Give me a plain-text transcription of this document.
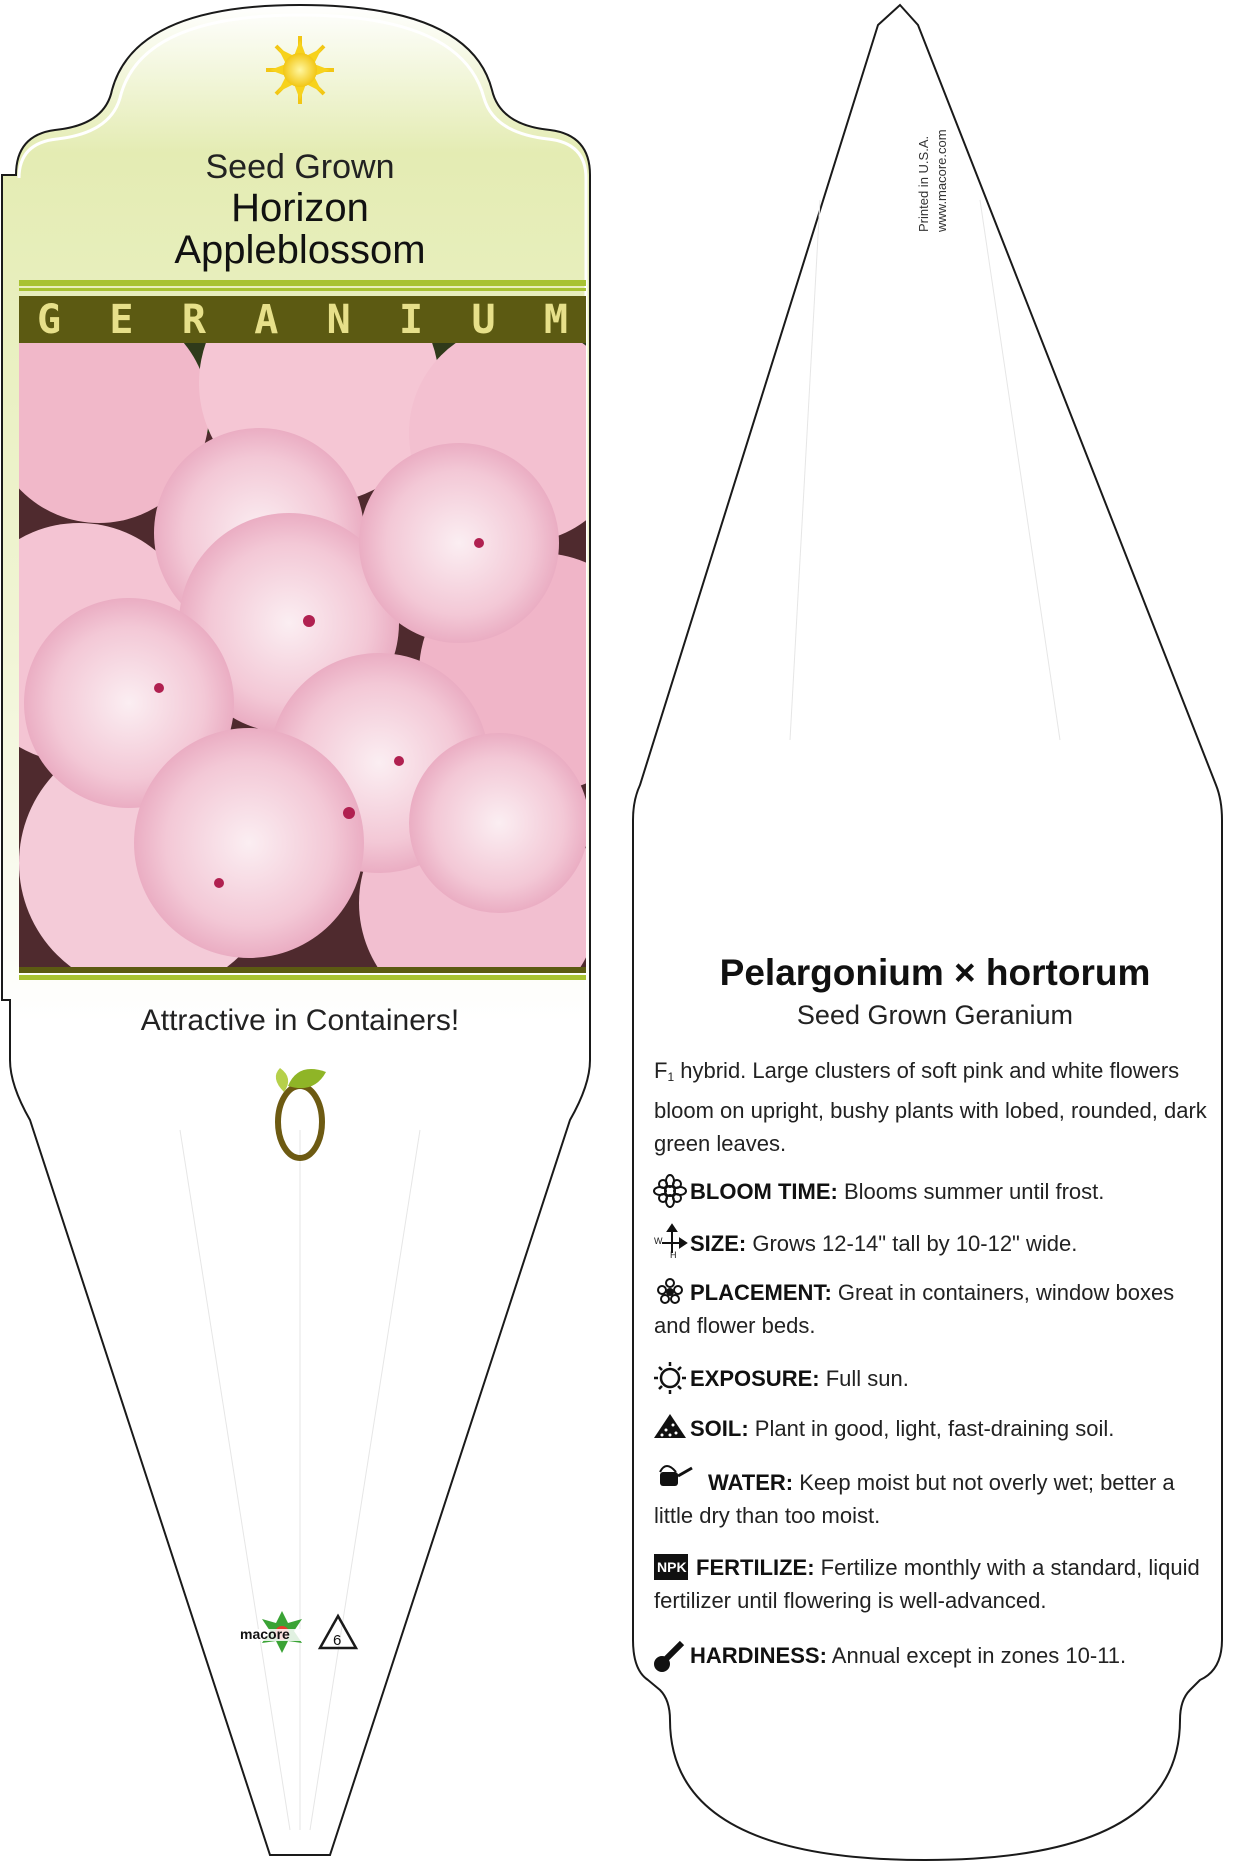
Seed Grown
Horizon
Appleblossom
G E R A N I U M
Attractive in Containers!
macore	6
Printed in U.S.A. www.macore.com
Pelargonium × hortorum
Seed Grown Geranium
$F_1$ hybrid. Large clusters of soft pink and white flowers bloom on upright, bushy plants with lobed, rounded, dark green leaves.
BLOOM TIME: Blooms summer until frost.
SIZE: Grows 12-14" tall by 10-12" wide.
W
H
PLACEMENT: Great in containers, window boxes and flower beds.
EXPOSURE: Full sun.
SOIL: Plant in good, light, fast-draining soil.
WATER: Keep moist but not overly wet; better a little dry than too moist.
NPK FERTILIZE: Fertilize monthly with a standard, liquid fertilizer until flowering is well-advanced.
HARDINESS: Annual except in zones 10-11.
